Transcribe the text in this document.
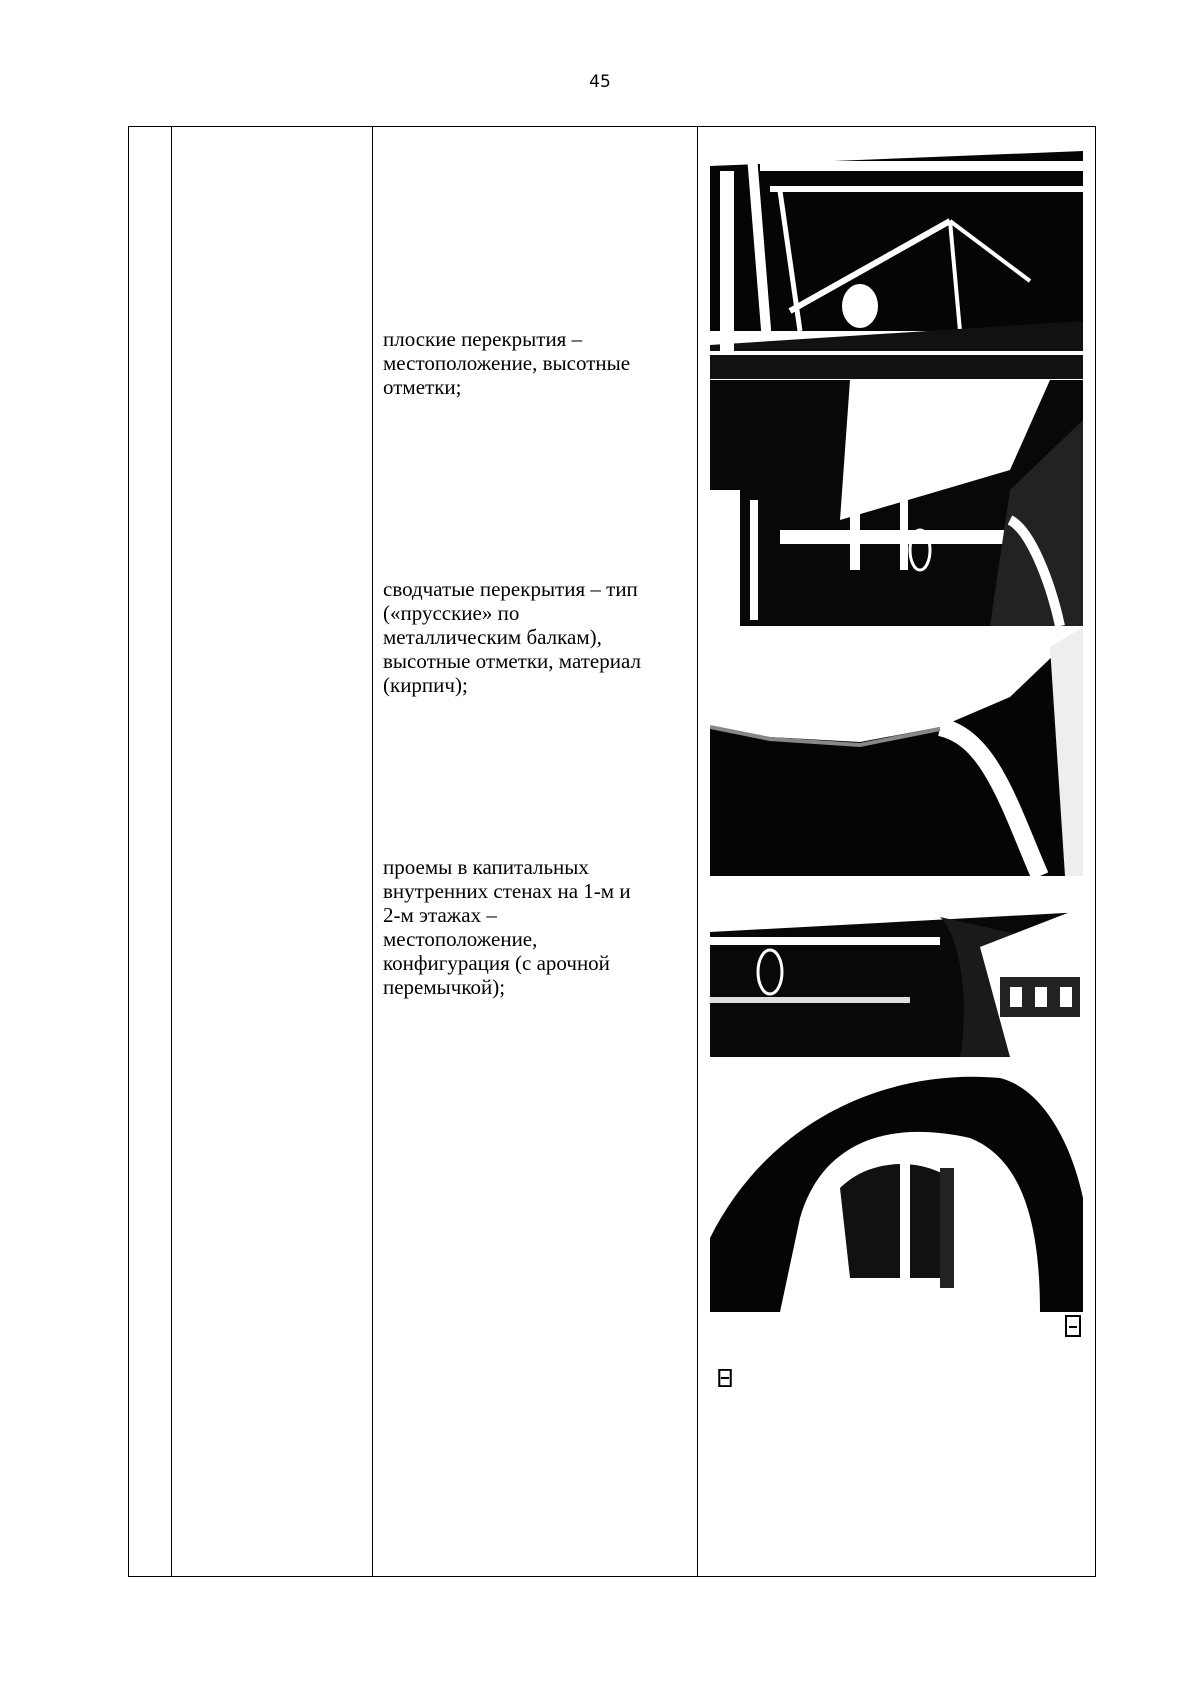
45

плоские перекрытия –
местоположение, высотные
отметки;

сводчатые перекрытия – тип
(«прусские» по
металлическим балкам),
высотные отметки, материал
(кирпич);

проемы в капитальных
внутренних стенах на 1-м и
2-м этажах –
местоположение,
конфигурация (с арочной
перемычкой);
